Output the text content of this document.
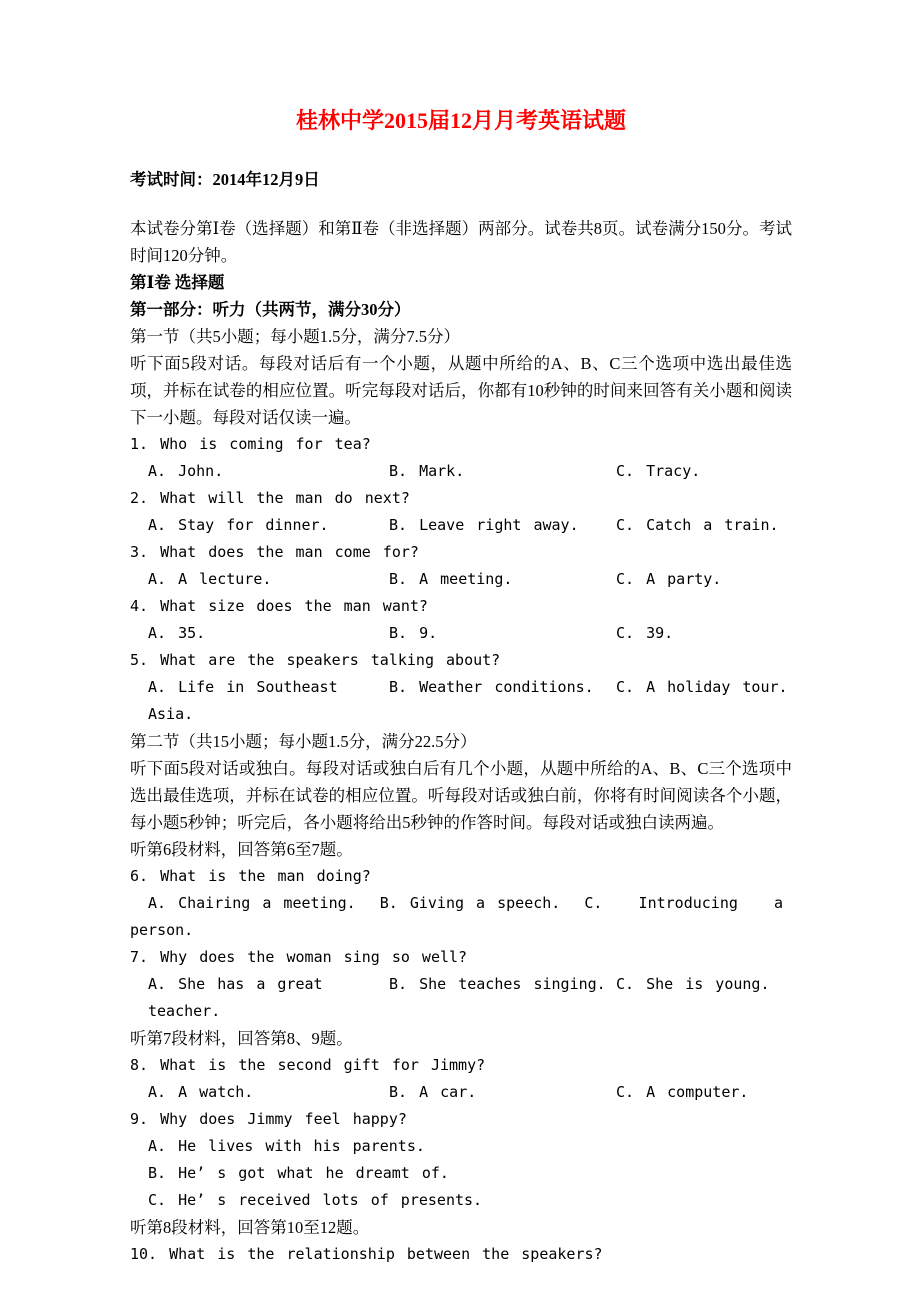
桂林中学2015届12月月考英语试题
考试时间：2014年12月9日
本试卷分第Ⅰ卷（选择题）和第Ⅱ卷（非选择题）两部分。试卷共8页。试卷满分150分。考试时间120分钟。
第Ⅰ卷 选择题
第一部分：听力（共两节，满分30分）
第一节（共5小题；每小题1.5分，满分7.5分）
听下面5段对话。每段对话后有一个小题，从题中所给的A、B、C三个选项中选出最佳选项，并标在试卷的相应位置。听完每段对话后，你都有10秒钟的时间来回答有关小题和阅读下一小题。每段对话仅读一遍。
1. Who is coming for tea?
A. John.	B. Mark.	C. Tracy.
2. What will the man do next?
A. Stay for dinner.	B. Leave right away.	C. Catch a train.
3. What does the man come for?
A. A lecture.	B. A meeting.	C. A party.
4. What size does the man want?
A. 35.	B. 9.	C. 39.
5. What are the speakers talking about?
A. Life in Southeast Asia.
B. Weather conditions.	C. A holiday tour.
第二节（共15小题；每小题1.5分，满分22.5分）
听下面5段对话或独白。每段对话或独白后有几个小题，从题中所给的A、B、C三个选项中选出最佳选项，并标在试卷的相应位置。听每段对话或独白前，你将有时间阅读各个小题，每小题5秒钟；听完后，各小题将给出5秒钟的作答时间。每段对话或独白读两遍。
听第6段材料，回答第6至7题。
6. What is the man doing?
A. Chairing a meeting.  B. Giving a speech.  C.   Introducing   a
person.
7. Why does the woman sing so well?
A. She has a great teacher.
B. She teaches singing. C. She is young.
听第7段材料，回答第8、9题。
8. What is the second gift for Jimmy?
A. A watch.	B. A car.	C. A computer.
9. Why does Jimmy feel happy?
A. He lives with his parents.
B. He’ s got what he dreamt of.
C. He’ s received lots of presents.
听第8段材料，回答第10至12题。
10. What is the relationship between the speakers?
